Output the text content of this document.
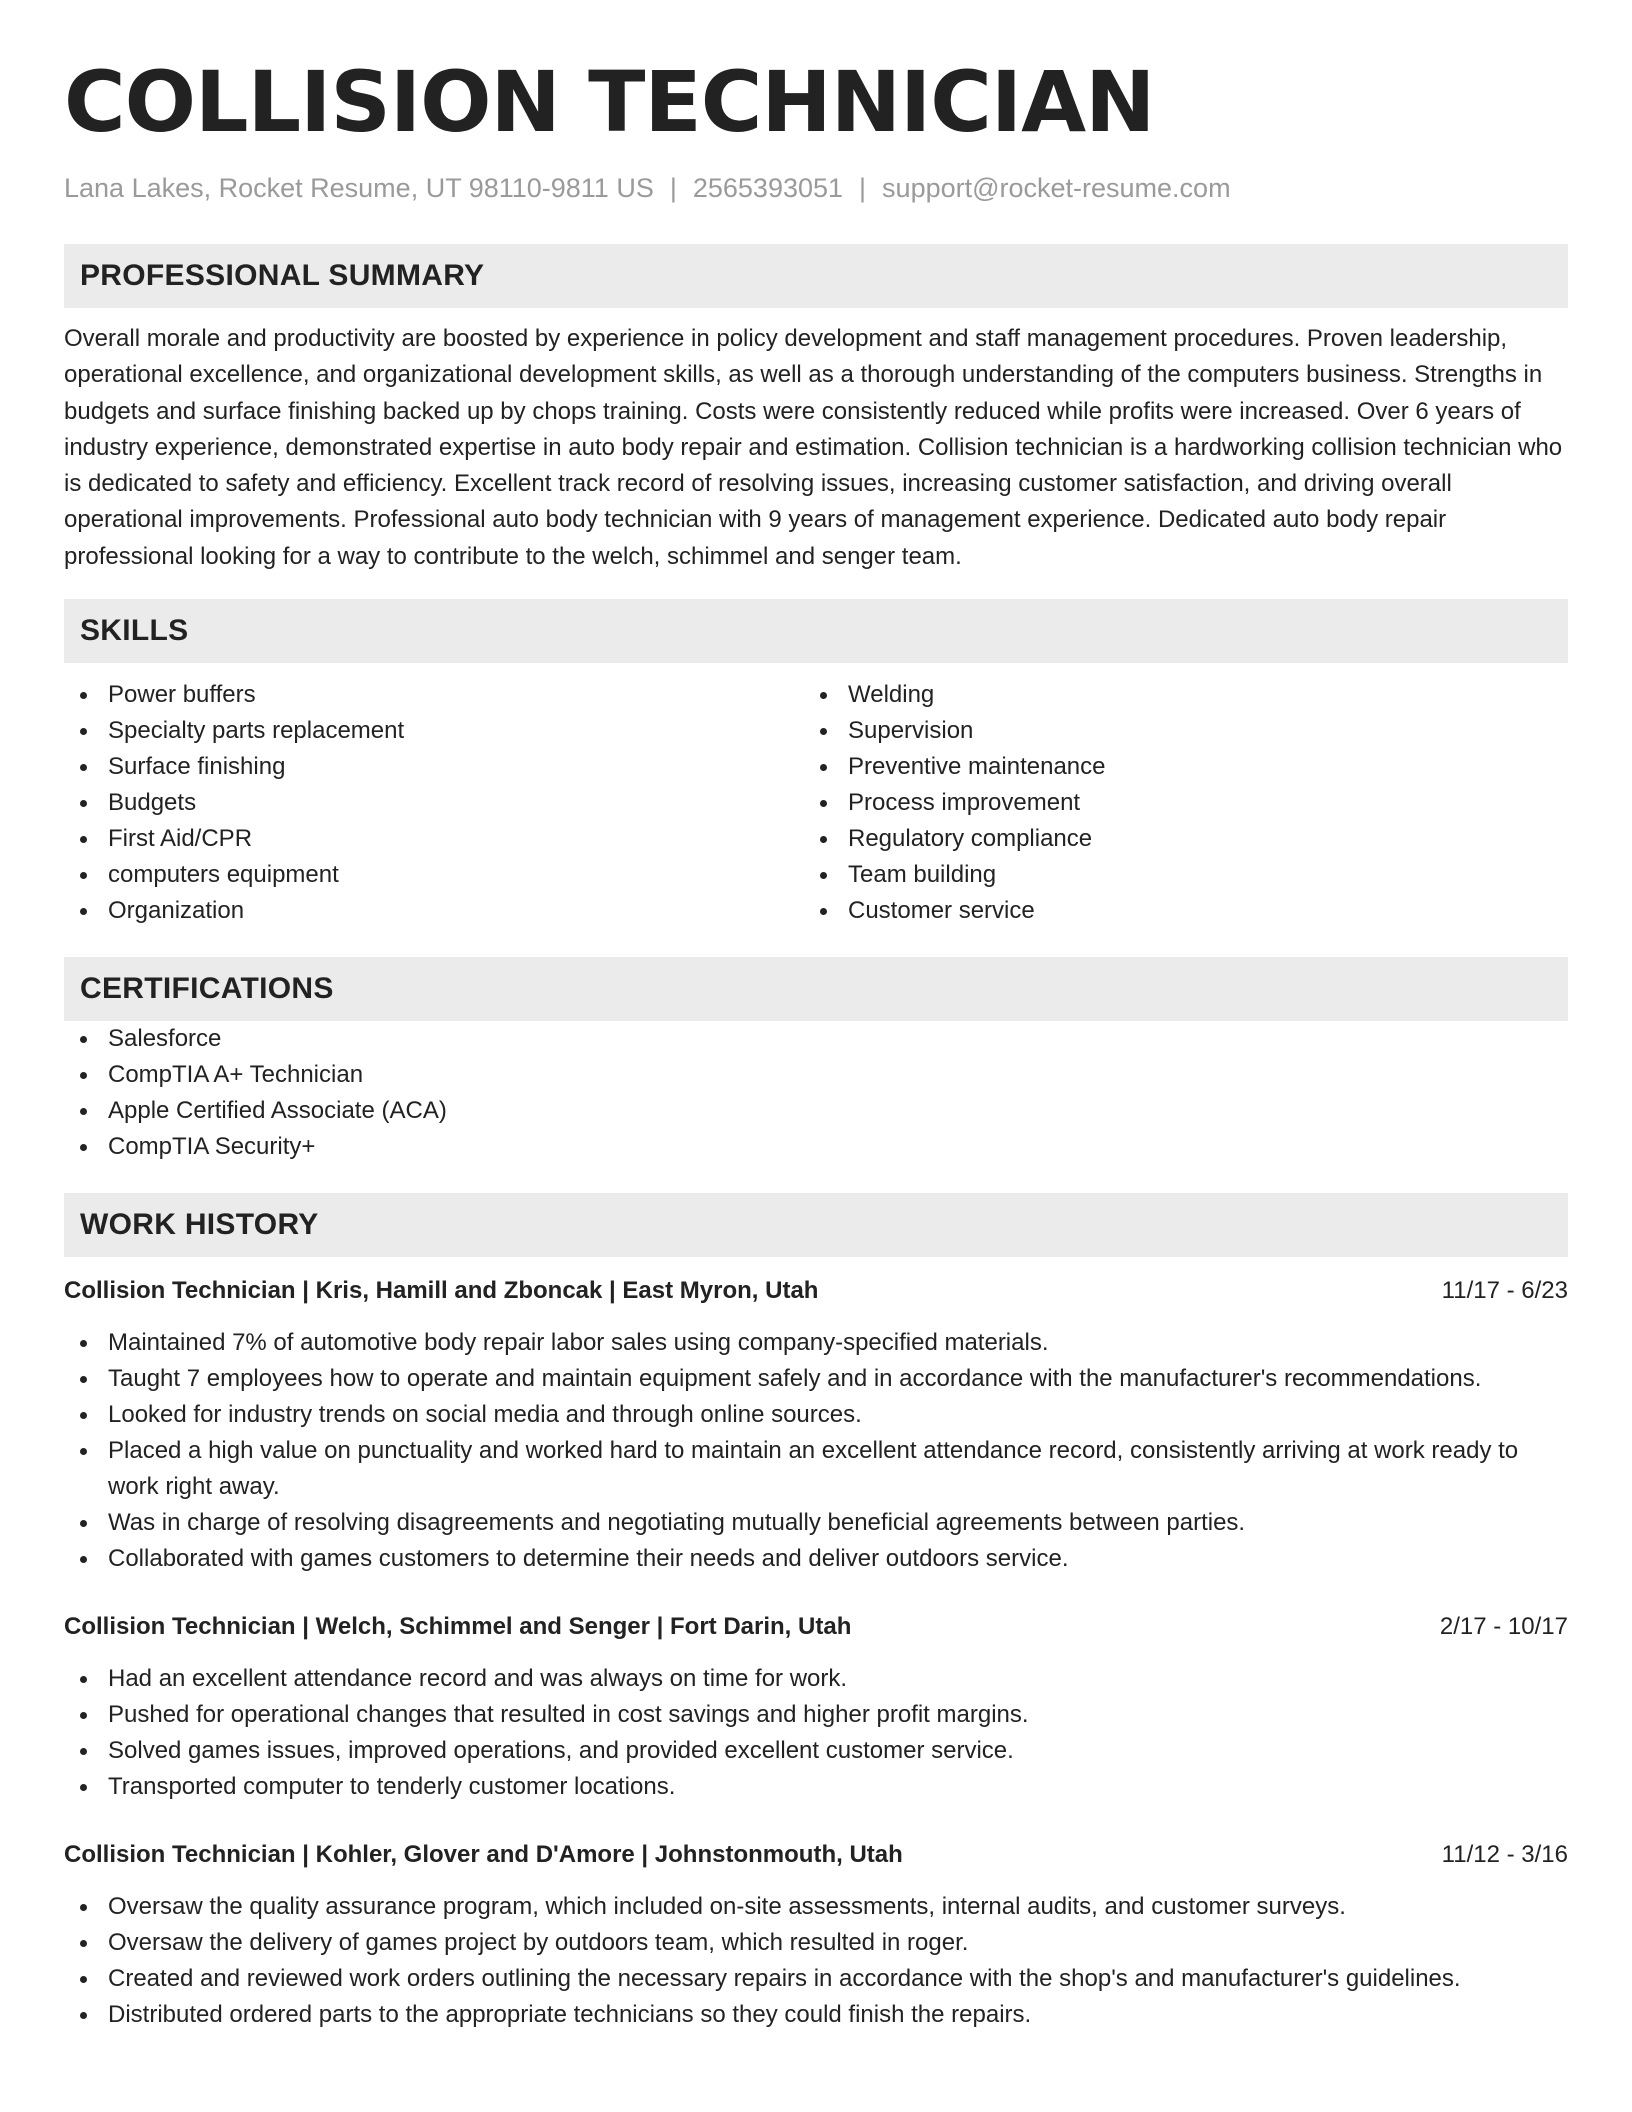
COLLISION TECHNICIAN
Lana Lakes, Rocket Resume, UT 98110-9811 US | 2565393051 | support@rocket-resume.com
PROFESSIONAL SUMMARY

Overall morale and productivity are boosted by experience in policy development and staff management procedures. Proven leadership, operational excellence, and organizational development skills, as well as a thorough understanding of the computers business. Strengths in budgets and surface finishing backed up by chops training. Costs were consistently reduced while profits were increased. Over 6 years of industry experience, demonstrated expertise in auto body repair and estimation. Collision technician is a hardworking collision technician who is dedicated to safety and efficiency. Excellent track record of resolving issues, increasing customer satisfaction, and driving overall operational improvements. Professional auto body technician with 9 years of management experience. Dedicated auto body repair professional looking for a way to contribute to the welch, schimmel and senger team.

SKILLS
Power buffers
Specialty parts replacement
Surface finishing
Budgets
First Aid/CPR
computers equipment
Organization
Welding
Supervision
Preventive maintenance
Process improvement
Regulatory compliance
Team building
Customer service
CERTIFICATIONS
Salesforce
CompTIA A+ Technician
Apple Certified Associate (ACA)
CompTIA Security+
WORK HISTORY
Collision Technician | Kris, Hamill and Zboncak | East Myron, Utah	11/17 - 6/23
Maintained 7% of automotive body repair labor sales using company-specified materials.
Taught 7 employees how to operate and maintain equipment safely and in accordance with the manufacturer's recommendations.
Looked for industry trends on social media and through online sources.
Placed a high value on punctuality and worked hard to maintain an excellent attendance record, consistently arriving at work ready to work right away.
Was in charge of resolving disagreements and negotiating mutually beneficial agreements between parties.
Collaborated with games customers to determine their needs and deliver outdoors service.
Collision Technician | Welch, Schimmel and Senger | Fort Darin, Utah	2/17 - 10/17
Had an excellent attendance record and was always on time for work.
Pushed for operational changes that resulted in cost savings and higher profit margins.
Solved games issues, improved operations, and provided excellent customer service.
Transported computer to tenderly customer locations.
Collision Technician | Kohler, Glover and D'Amore | Johnstonmouth, Utah	11/12 - 3/16
Oversaw the quality assurance program, which included on-site assessments, internal audits, and customer surveys.
Oversaw the delivery of games project by outdoors team, which resulted in roger.
Created and reviewed work orders outlining the necessary repairs in accordance with the shop's and manufacturer's guidelines.
Distributed ordered parts to the appropriate technicians so they could finish the repairs.
